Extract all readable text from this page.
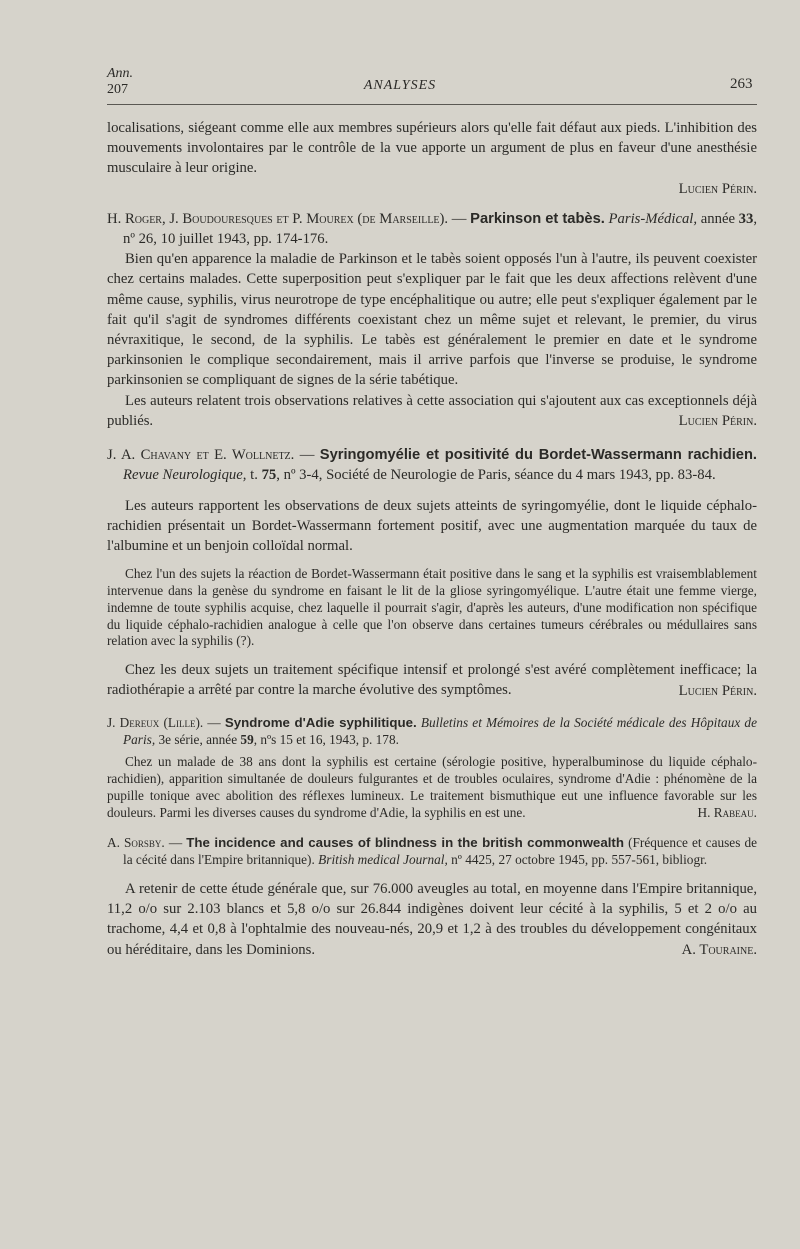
Ann.
207	ANALYSES	263

localisations, siégeant comme elle aux membres supérieurs alors qu'elle fait défaut aux pieds. L'inhibition des mouvements involontaires par le contrôle de la vue apporte un argument de plus en faveur d'une anesthésie musculaire à leur origine.

Lucien Périn.

H. Roger, J. Boudouresques et P. Mourex (de Marseille). — Parkinson et tabès. Paris-Médical, année 33, nº 26, 10 juillet 1943, pp. 174-176.

Bien qu'en apparence la maladie de Parkinson et le tabès soient opposés l'un à l'autre, ils peuvent coexister chez certains malades. Cette superposition peut s'expliquer par le fait que les deux affections relèvent d'une même cause, syphilis, virus neurotrope de type encéphalitique ou autre; elle peut s'expliquer également par le fait qu'il s'agit de syndromes différents coexistant chez un même sujet et relevant, le premier, du virus névraxitique, le second, de la syphilis. Le tabès est généralement le premier en date et le syndrome parkinsonien le complique secondairement, mais il arrive parfois que l'inverse se produise, le syndrome parkinsonien se compliquant de signes de la série tabétique.

Les auteurs relatent trois observations relatives à cette association qui s'ajoutent aux cas exceptionnels déjà publiés.	Lucien Périn.

J. A. Chavany et E. Wollnetz. — Syringomyélie et positivité du Bordet-Wassermann rachidien. Revue Neurologique, t. 75, nº 3-4, Société de Neurologie de Paris, séance du 4 mars 1943, pp. 83-84.

Les auteurs rapportent les observations de deux sujets atteints de syringomyélie, dont le liquide céphalo-rachidien présentait un Bordet-Wassermann fortement positif, avec une augmentation marquée du taux de l'albumine et un benjoin colloïdal normal.

Chez l'un des sujets la réaction de Bordet-Wassermann était positive dans le sang et la syphilis est vraisemblablement intervenue dans la genèse du syndrome en faisant le lit de la gliose syringomyélique. L'autre était une femme vierge, indemne de toute syphilis acquise, chez laquelle il pourrait s'agir, d'après les auteurs, d'une modification non spécifique du liquide céphalo-rachidien analogue à celle que l'on observe dans certaines tumeurs cérébrales ou médullaires sans relation avec la syphilis (?).

Chez les deux sujets un traitement spécifique intensif et prolongé s'est avéré complètement inefficace; la radiothérapie a arrêté par contre la marche évolutive des symptômes.	Lucien Périn.

J. Dereux (Lille). — Syndrome d'Adie syphilitique. Bulletins et Mémoires de la Société médicale des Hôpitaux de Paris, 3e série, année 59, nºs 15 et 16, 1943, p. 178.

Chez un malade de 38 ans dont la syphilis est certaine (sérologie positive, hyperalbuminose du liquide céphalo-rachidien), apparition simultanée de douleurs fulgurantes et de troubles oculaires, syndrome d'Adie : phénomène de la pupille tonique avec abolition des réflexes lumineux. Le traitement bismuthique eut une influence favorable sur les douleurs. Parmi les diverses causes du syndrome d'Adie, la syphilis en est une.	H. Rabeau.

A. Sorsby. — The incidence and causes of blindness in the british commonwealth (Fréquence et causes de la cécité dans l'Empire britannique). British medical Journal, nº 4425, 27 octobre 1945, pp. 557-561, bibliogr.

A retenir de cette étude générale que, sur 76.000 aveugles au total, en moyenne dans l'Empire britannique, 11,2 o/o sur 2.103 blancs et 5,8 o/o sur 26.844 indigènes doivent leur cécité à la syphilis, 5 et 2 o/o au trachome, 4,4 et 0,8 à l'ophtalmie des nouveau-nés, 20,9 et 1,2 à des troubles du développement congénitaux ou héréditaire, dans les Dominions.	A. Touraine.
